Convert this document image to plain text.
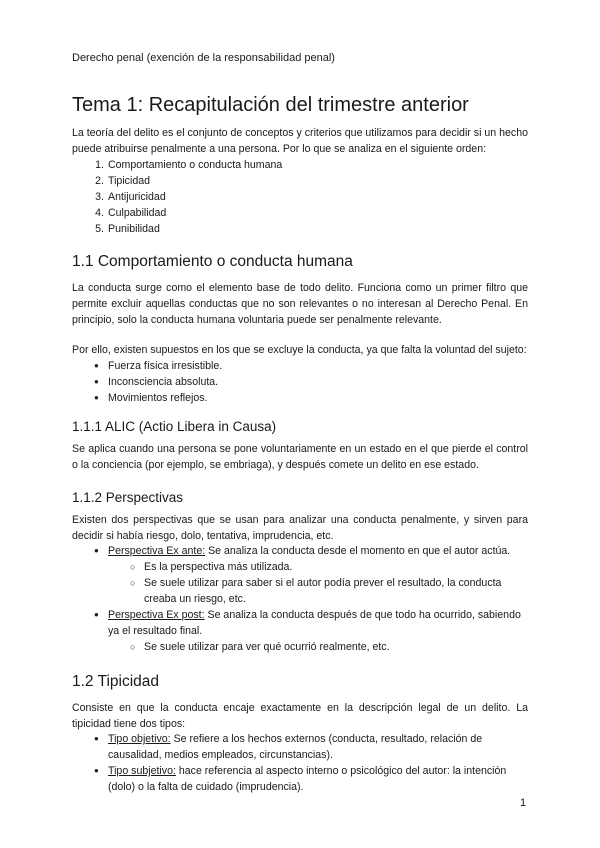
Derecho penal (exención de la responsabilidad penal)
Tema 1: Recapitulación del trimestre anterior

La teoría del delito es el conjunto de conceptos y criterios que utilizamos para decidir si un hecho puede atribuirse penalmente a una persona. Por lo que se analiza en el siguiente orden:

1. Comportamiento o conducta humana
2. Tipicidad
3. Antijuricidad
4. Culpabilidad
5. Punibilidad
1.1 Comportamiento o conducta humana

La conducta surge como el elemento base de todo delito. Funciona como un primer filtro que permite excluir aquellas conductas que no son relevantes o no interesan al Derecho Penal. En principio, solo la conducta humana voluntaria puede ser penalmente relevante.

Por ello, existen supuestos en los que se excluye la conducta, ya que falta la voluntad del sujeto:

● Fuerza física irresistible.
● Inconsciencia absoluta.
● Movimientos reflejos.
1.1.1 ALIC (Actio Libera in Causa)

Se aplica cuando una persona se pone voluntariamente en un estado en el que pierde el control o la conciencia (por ejemplo, se embriaga), y después comete un delito en ese estado.

1.1.2 Perspectivas

Existen dos perspectivas que se usan para analizar una conducta penalmente, y sirven para decidir si había riesgo, dolo, tentativa, imprudencia, etc.

● Perspectiva Ex ante: Se analiza la conducta desde el momento en que el autor actúa.
○ Es la perspectiva más utilizada.
○ Se suele utilizar para saber si el autor podía prever el resultado, la conducta
creaba un riesgo, etc.
● Perspectiva Ex post: Se analiza la conducta después de que todo ha ocurrido, sabiendo
ya el resultado final.
○ Se suele utilizar para ver qué ocurrió realmente, etc.
1.2 Tipicidad

Consiste en que la conducta encaje exactamente en la descripción legal de un delito. La tipicidad tiene dos tipos:

● Tipo objetivo: Se refiere a los hechos externos (conducta, resultado, relación de
causalidad, medios empleados, circunstancias).
● Tipo subjetivo: hace referencia al aspecto interno o psicológico del autor: la intención
(dolo) o la falta de cuidado (imprudencia).
1
